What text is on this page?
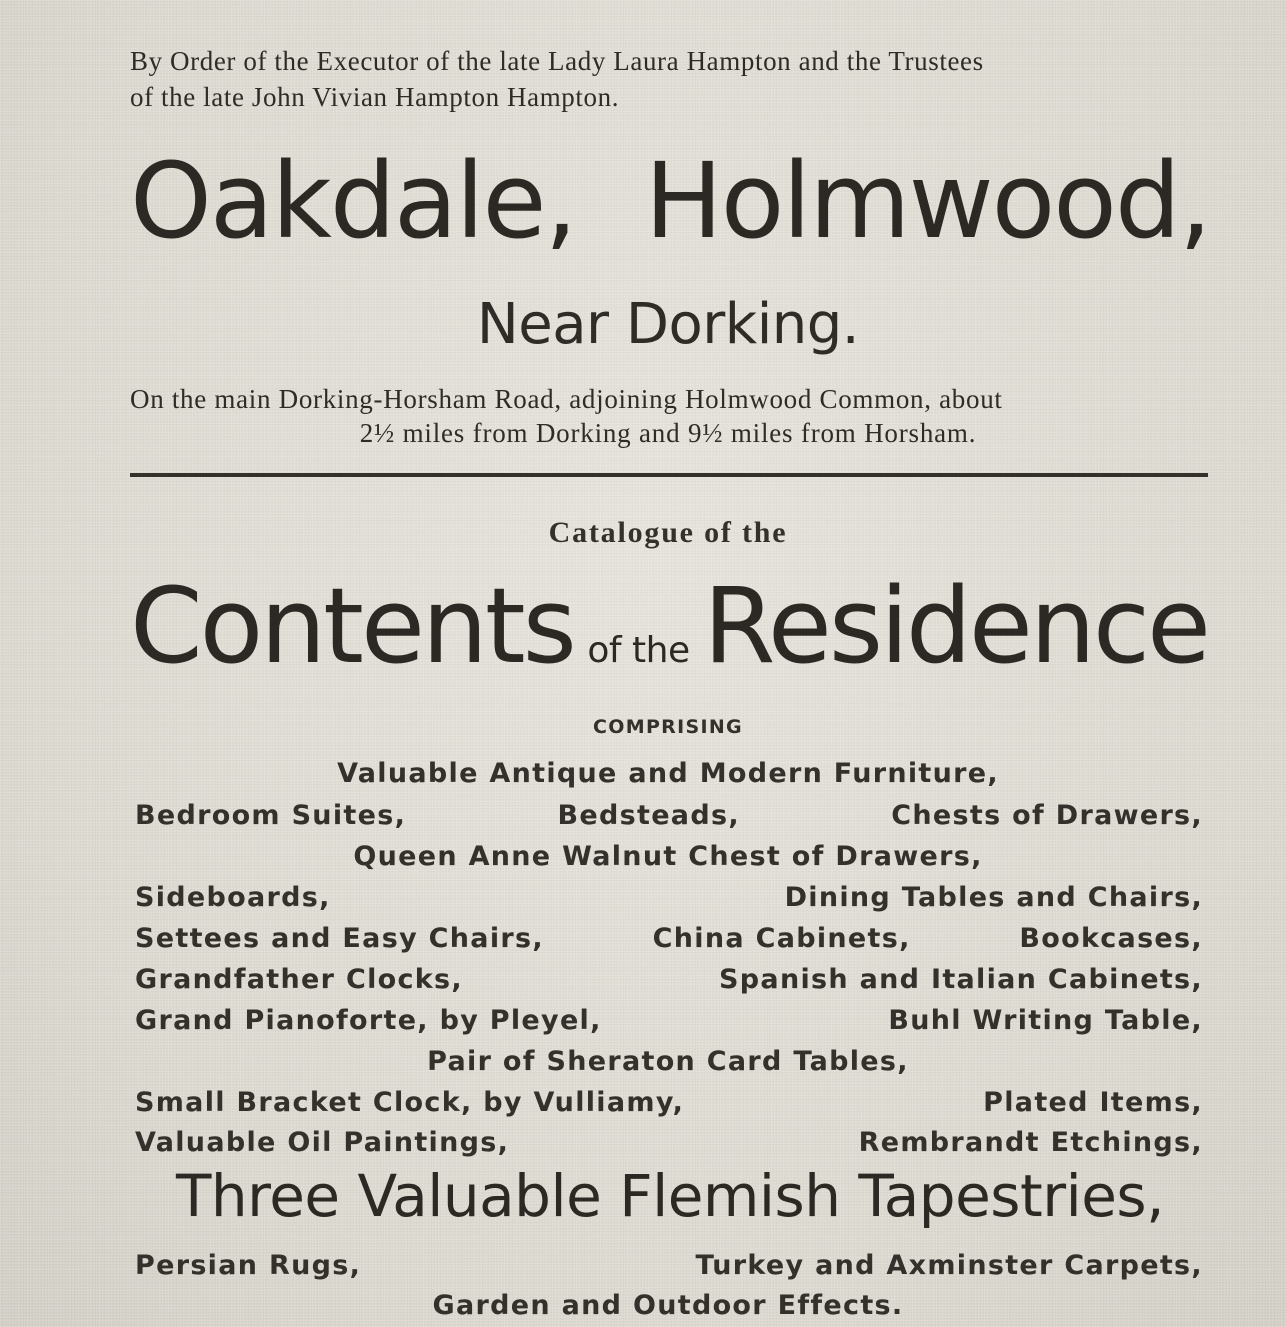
By Order of the Executor of the late Lady Laura Hampton and the Trustees
of the late John Vivian Hampton Hampton.
Oakdale, Holmwood,
Near Dorking.
On the main Dorking-Horsham Road, adjoining Holmwood Common, about
2½ miles from Dorking and 9½ miles from Horsham.
Catalogue of the
Contents of the Residence
COMPRISING
Valuable Antique and Modern Furniture,
Bedroom Suites,	Bedsteads,	Chests of Drawers,
Queen Anne Walnut Chest of Drawers,
Sideboards,	Dining Tables and Chairs,
Settees and Easy Chairs,	China Cabinets,	Bookcases,
Grandfather Clocks,	Spanish and Italian Cabinets,
Grand Pianoforte, by Pleyel,	Buhl Writing Table,
Pair of Sheraton Card Tables,
Small Bracket Clock, by Vulliamy,	Plated Items,
Valuable Oil Paintings,	Rembrandt Etchings,
Three Valuable Flemish Tapestries,
Persian Rugs,	Turkey and Axminster Carpets,
Garden and Outdoor Effects.
